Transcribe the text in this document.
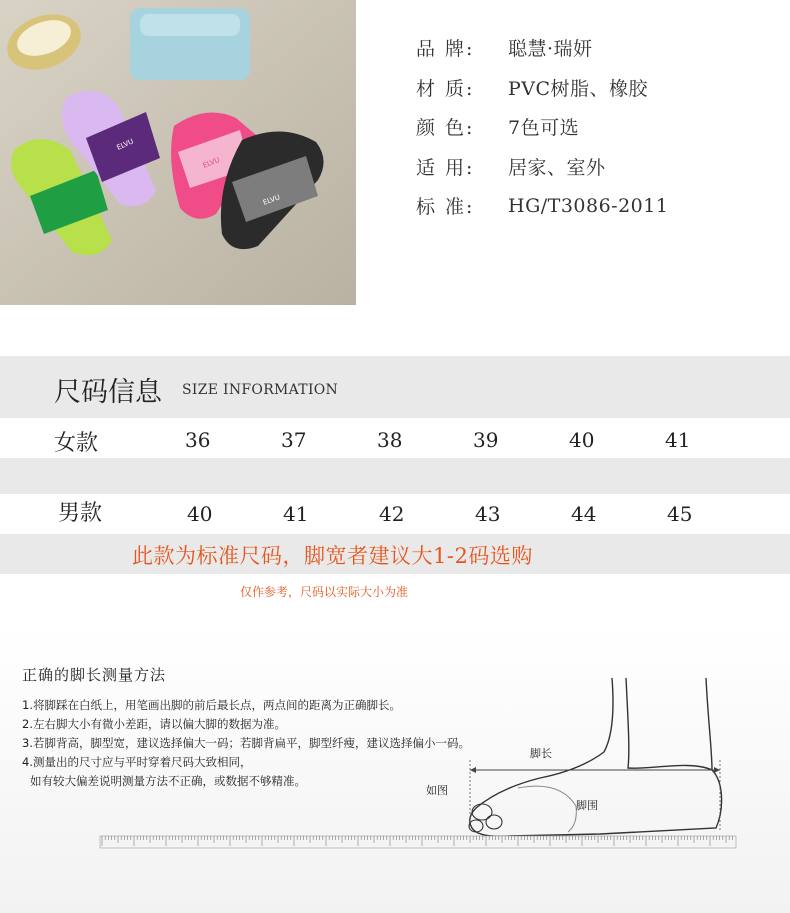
ELVU
ELVU
ELVU
品 牌:	聪慧·瑞妍
材 质:	PVC树脂、橡胶
颜 色:	7色可选
适 用:	居家、室外
标 准:	HG/T3086-2011
尺码信息 SIZE INFORMATION
女款	36	37	38	39	40	41
男款	40	41	42	43	44	45
此款为标准尺码，脚宽者建议大1-2码选购
仅作参考，尺码以实际大小为准
正确的脚长测量方法
1.将脚踩在白纸上，用笔画出脚的前后最长点，两点间的距离为正确脚长。
2.左右脚大小有微小差距，请以偏大脚的数据为准。
3.若脚背高，脚型宽，建议选择偏大一码；若脚背扁平，脚型纤瘦，建议选择偏小一码。
4.测量出的尺寸应与平时穿着尺码大致相同，
如有较大偏差说明测量方法不正确，或数据不够精准。
脚长
如图
脚围
